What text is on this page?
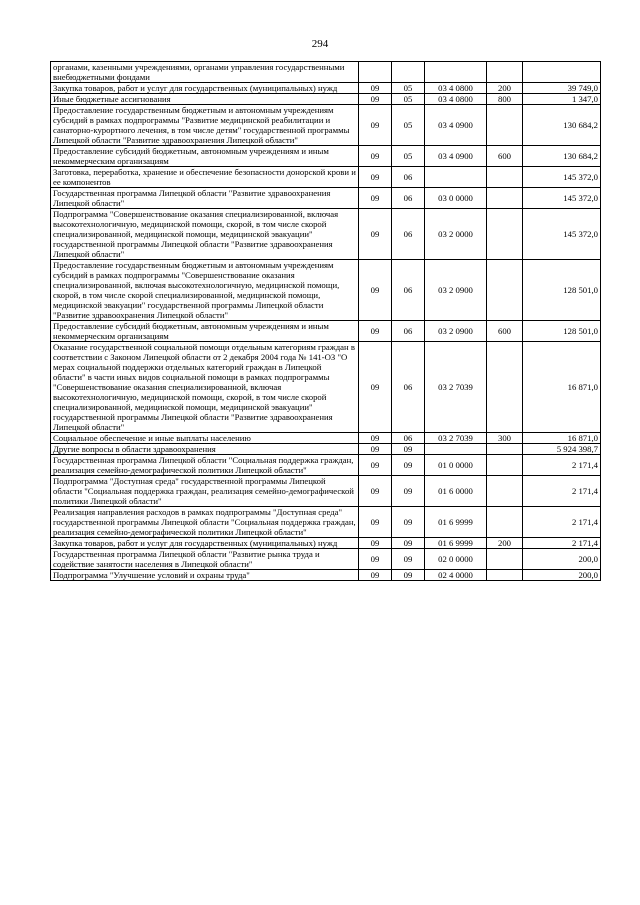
294
органами, казенными учреждениями, органами управления государственными внебюджетными фондами					
Закупка товаров, работ и услуг для государственных (муниципальных) нужд	09	05	03 4 0800	200	39 749,0
Иные бюджетные ассигнования	09	05	03 4 0800	800	1 347,0
Предоставление государственным бюджетным и автономным учреждениям субсидий в рамках подпрограммы "Развитие медицинской реабилитации и санаторно-курортного лечения, в том числе детям" государственной программы Липецкой области "Развитие здравоохранения Липецкой области"	09	05	03 4 0900		130 684,2
Предоставление субсидий бюджетным, автономным учреждениям и иным некоммерческим организациям	09	05	03 4 0900	600	130 684,2
Заготовка, переработка, хранение и обеспечение безопасности донорской крови и ее компонентов	09	06			145 372,0
Государственная программа Липецкой области "Развитие здравоохранения Липецкой области"	09	06	03 0 0000		145 372,0
Подпрограмма "Совершенствование оказания специализированной, включая высокотехнологичную, медицинской помощи, скорой, в том числе скорой специализированной, медицинской помощи, медицинской эвакуации" государственной программы Липецкой области "Развитие здравоохранения Липецкой области"	09	06	03 2 0000		145 372,0
Предоставление государственным бюджетным и автономным учреждениям субсидий в рамках подпрограммы "Совершенствование оказания специализированной, включая высокотехнологичную, медицинской помощи, скорой, в том числе скорой специализированной, медицинской помощи, медицинской эвакуации" государственной программы Липецкой области "Развитие здравоохранения Липецкой области"	09	06	03 2 0900		128 501,0
Предоставление субсидий бюджетным, автономным учреждениям и иным некоммерческим организациям	09	06	03 2 0900	600	128 501,0
Оказание государственной социальной помощи отдельным категориям граждан в соответствии с Законом Липецкой области от 2 декабря 2004 года № 141-ОЗ "О мерах социальной поддержки отдельных категорий граждан в Липецкой области" в части иных видов социальной помощи в рамках подпрограммы "Совершенствование оказания специализированной, включая высокотехнологичную, медицинской помощи, скорой, в том числе скорой специализированной, медицинской помощи, медицинской эвакуации" государственной программы Липецкой области "Развитие здравоохранения Липецкой области"	09	06	03 2 7039		16 871,0
Социальное обеспечение и иные выплаты населению	09	06	03 2 7039	300	16 871,0
Другие вопросы в области здравоохранения	09	09			5 924 398,7
Государственная программа Липецкой области "Социальная поддержка граждан, реализация семейно-демографической политики Липецкой области"	09	09	01 0 0000		2 171,4
Подпрограмма "Доступная среда" государственной программы Липецкой области "Социальная поддержка граждан, реализация семейно-демографической политики Липецкой области"	09	09	01 6 0000		2 171,4
Реализация направления расходов в рамках подпрограммы "Доступная среда" государственной программы Липецкой области "Социальная поддержка граждан, реализация семейно-демографической политики Липецкой области"	09	09	01 6 9999		2 171,4
Закупка товаров, работ и услуг для государственных (муниципальных) нужд	09	09	01 6 9999	200	2 171,4
Государственная программа Липецкой области "Развитие рынка труда и содействие занятости населения в Липецкой области"	09	09	02 0 0000		200,0
Подпрограмма "Улучшение условий и охраны труда"	09	09	02 4 0000		200,0
